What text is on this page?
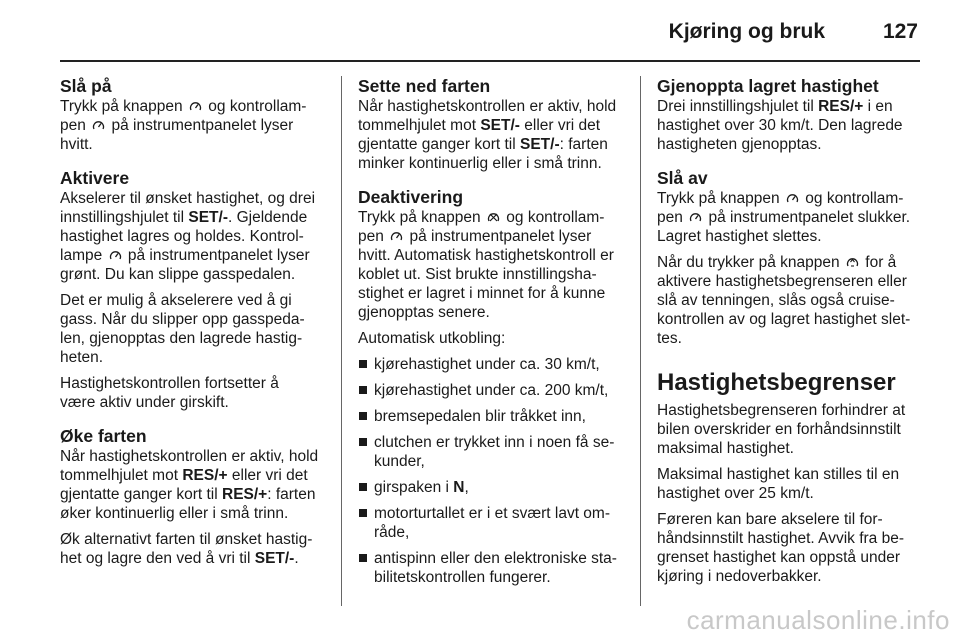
Kjøring og bruk	127
Slå på

Trykk på knappen og kontrollam-
pen på instrumentpanelet lyser
hvitt.

Aktivere

Akselerer til ønsket hastighet, og drei
innstillingshjulet til SET/-. Gjeldende
hastighet lagres og holdes. Kontrol-
lampe på instrumentpanelet lyser
grønt. Du kan slippe gasspedalen.

Det er mulig å akselerere ved å gi
gass. Når du slipper opp gasspeda-
len, gjenopptas den lagrede hastig-
heten.

Hastighetskontrollen fortsetter å
være aktiv under girskift.

Øke farten

Når hastighetskontrollen er aktiv, hold
tommelhjulet mot RES/+ eller vri det
gjentatte ganger kort til RES/+: farten
øker kontinuerlig eller i små trinn.

Øk alternativt farten til ønsket hastig-
het og lagre den ved å vri til SET/-.

Sette ned farten

Når hastighetskontrollen er aktiv, hold
tommelhjulet mot SET/- eller vri det
gjentatte ganger kort til SET/-: farten
minker kontinuerlig eller i små trinn.

Deaktivering

Trykk på knappen og kontrollam-
pen på instrumentpanelet lyser
hvitt. Automatisk hastighetskontroll er
koblet ut. Sist brukte innstillingsha-
stighet er lagret i minnet for å kunne
gjenopptas senere.

Automatisk utkobling:

kjørehastighet under ca. 30 km/t,
kjørehastighet under ca. 200 km/t,
bremsepedalen blir tråkket inn,
clutchen er trykket inn i noen få se-
kunder,
girspaken i N,
motorturtallet er i et svært lavt om-
råde,
antispinn eller den elektroniske sta-
bilitetskontrollen fungerer.
Gjenoppta lagret hastighet

Drei innstillingshjulet til RES/+ i en
hastighet over 30 km/t. Den lagrede
hastigheten gjenopptas.

Slå av

Trykk på knappen og kontrollam-
pen på instrumentpanelet slukker.
Lagret hastighet slettes.

Når du trykker på knappen for å
aktivere hastighetsbegrenseren eller
slå av tenningen, slås også cruise-
kontrollen av og lagret hastighet slet-
tes.

Hastighetsbegrenser

Hastighetsbegrenseren forhindrer at
bilen overskrider en forhåndsinnstilt
maksimal hastighet.

Maksimal hastighet kan stilles til en
hastighet over 25 km/t.

Føreren kan bare akselere til for-
håndsinnstilt hastighet. Avvik fra be-
grenset hastighet kan oppstå under
kjøring i nedoverbakker.

carmanualsonline.info
